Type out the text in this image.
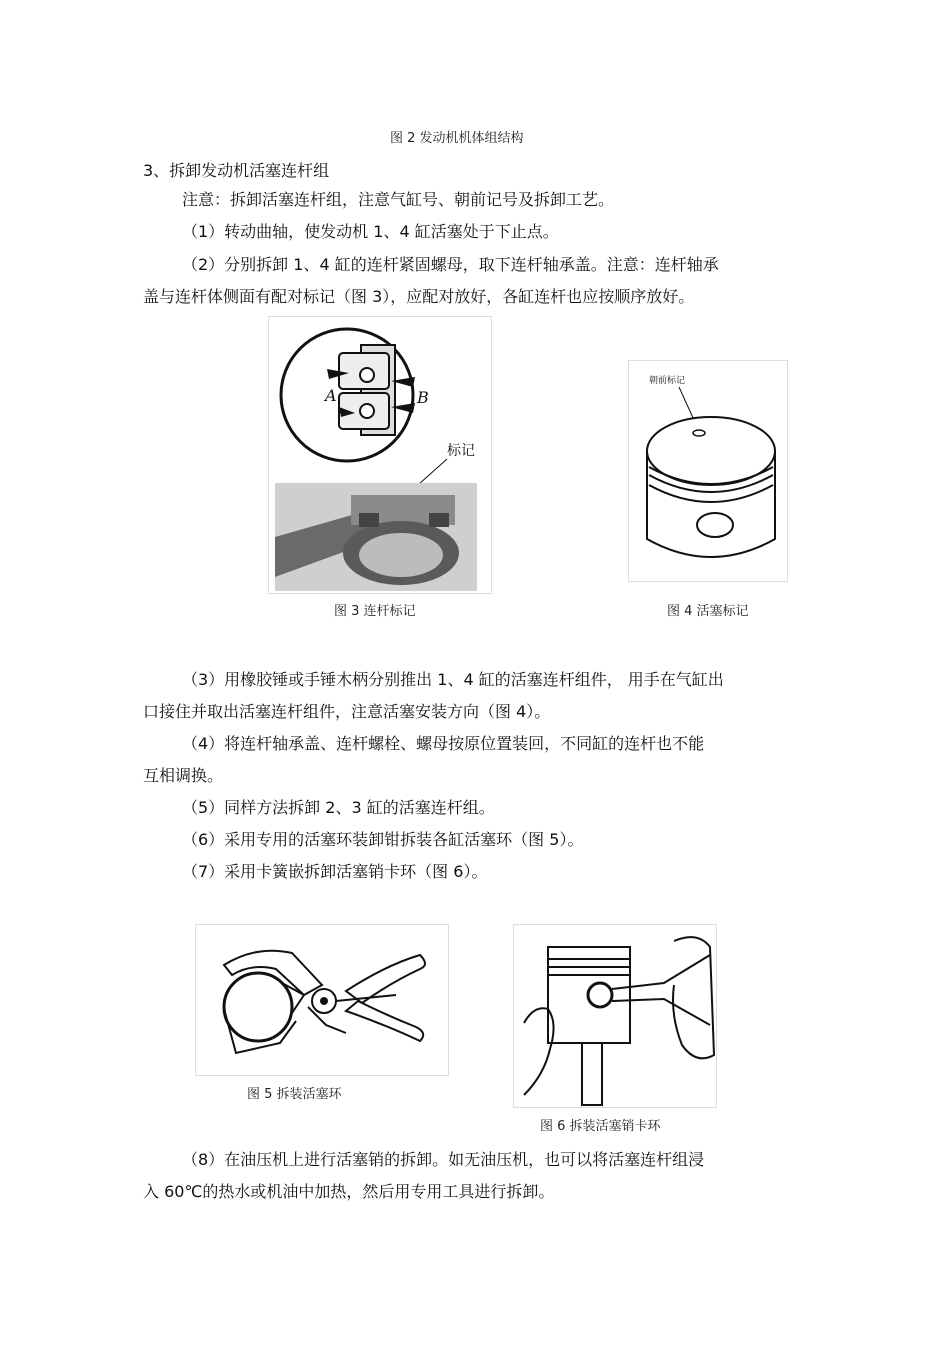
图 2 发动机机体组结构
3、拆卸发动机活塞连杆组
注意：拆卸活塞连杆组，注意气缸号、朝前记号及拆卸工艺。
（1）转动曲轴，使发动机 1、4 缸活塞处于下止点。
（2）分别拆卸 1、4 缸的连杆紧固螺母，取下连杆轴承盖。注意：连杆轴承
盖与连杆体侧面有配对标记（图 3），应配对放好，各缸连杆也应按顺序放好。
A	B
标记
图 3 连杆标记
朝前标记
图 4 活塞标记
（3）用橡胶锤或手锤木柄分别推出 1、4 缸的活塞连杆组件， 用手在气缸出
口接住并取出活塞连杆组件，注意活塞安装方向（图 4）。
（4）将连杆轴承盖、连杆螺栓、螺母按原位置装回，不同缸的连杆也不能
互相调换。
（5）同样方法拆卸 2、3 缸的活塞连杆组。
（6）采用专用的活塞环装卸钳拆装各缸活塞环（图 5）。
（7）采用卡簧嵌拆卸活塞销卡环（图 6）。
图 5 拆装活塞环
图 6 拆装活塞销卡环
（8）在油压机上进行活塞销的拆卸。如无油压机，也可以将活塞连杆组浸
入 60℃的热水或机油中加热，然后用专用工具进行拆卸。
